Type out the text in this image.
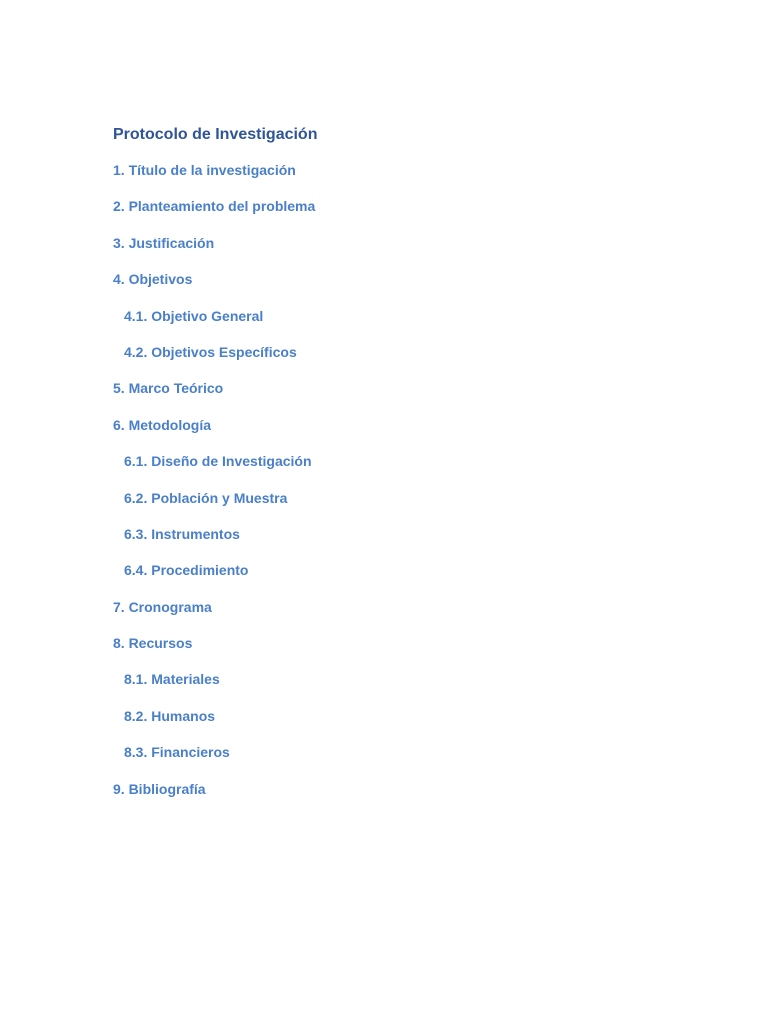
Protocolo de Investigación
1. Título de la investigación
2. Planteamiento del problema
3. Justificación
4. Objetivos
4.1. Objetivo General
4.2. Objetivos Específicos
5. Marco Teórico
6. Metodología
6.1. Diseño de Investigación
6.2. Población y Muestra
6.3. Instrumentos
6.4. Procedimiento
7. Cronograma
8. Recursos
8.1. Materiales
8.2. Humanos
8.3. Financieros
9. Bibliografía
